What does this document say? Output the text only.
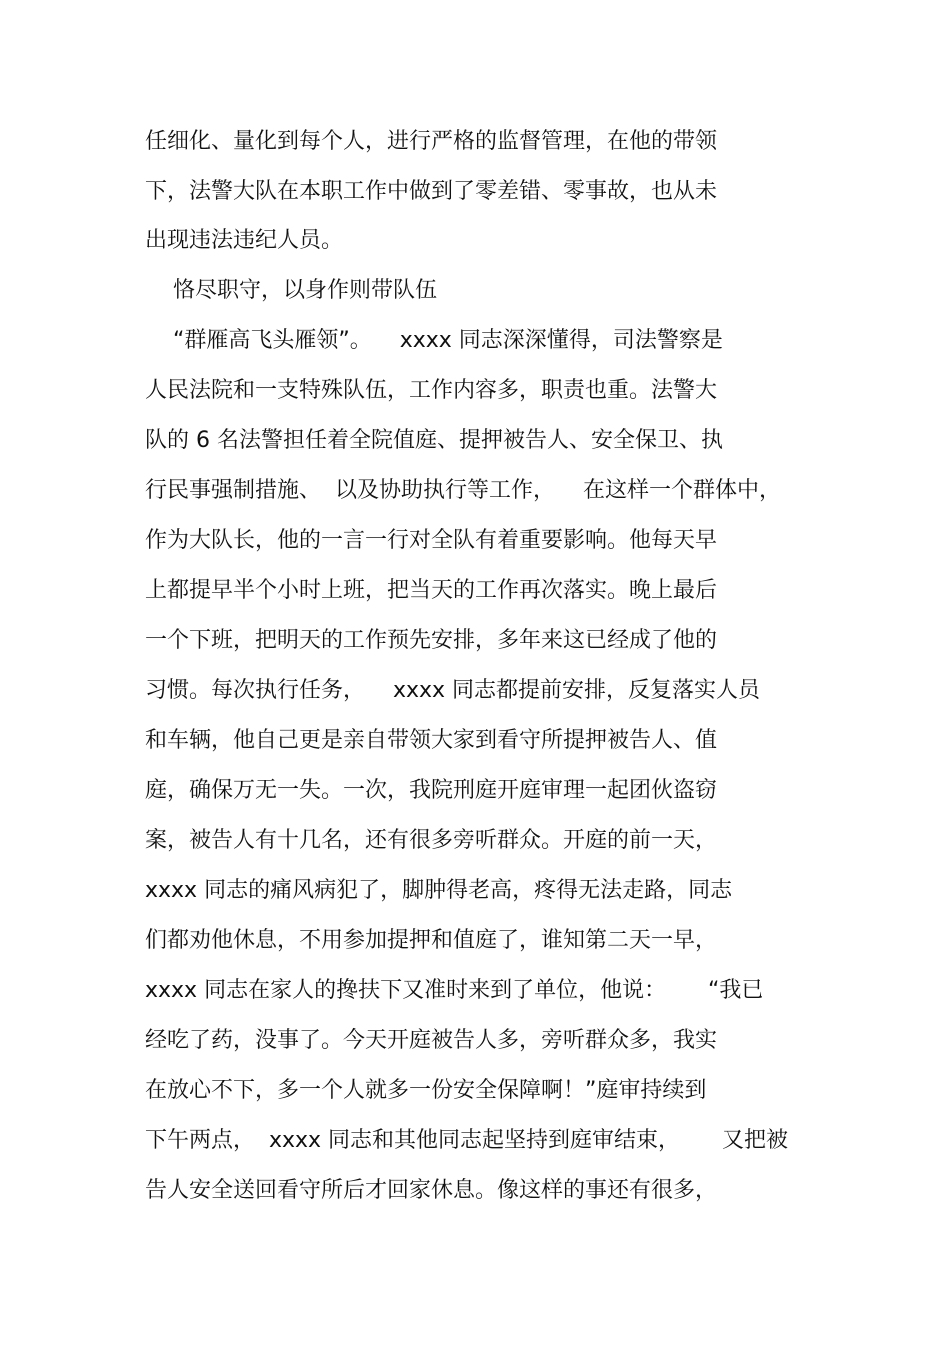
任细化、量化到每个人，进行严格的监督管理，在他的带领

下，法警大队在本职工作中做到了零差错、零事故，也从未

出现违法违纪人员。

恪尽职守，以身作则带队伍

“群雁高飞头雁领”。    xxxx 同志深深懂得，司法警察是

人民法院和一支特殊队伍，工作内容多，职责也重。法警大

队的 6 名法警担任着全院值庭、提押被告人、安全保卫、执

行民事强制措施、  以及协助执行等工作，    在这样一个群体中，

作为大队长，他的一言一行对全队有着重要影响。他每天早

上都提早半个小时上班，把当天的工作再次落实。晚上最后

一个下班，把明天的工作预先安排，多年来这已经成了他的

习惯。每次执行任务，    xxxx 同志都提前安排，反复落实人员

和车辆，他自己更是亲自带领大家到看守所提押被告人、值

庭，确保万无一失。一次，我院刑庭开庭审理一起团伙盗窃

案，被告人有十几名，还有很多旁听群众。开庭的前一天，

xxxx 同志的痛风病犯了，脚肿得老高，疼得无法走路，同志

们都劝他休息，不用参加提押和值庭了，谁知第二天一早，

xxxx 同志在家人的搀扶下又准时来到了单位，他说：      “我已

经吃了药，没事了。今天开庭被告人多，旁听群众多，我实

在放心不下，多一个人就多一份安全保障啊！”庭审持续到

下午两点，  xxxx 同志和其他同志起坚持到庭审结束，      又把被

告人安全送回看守所后才回家休息。像这样的事还有很多，
